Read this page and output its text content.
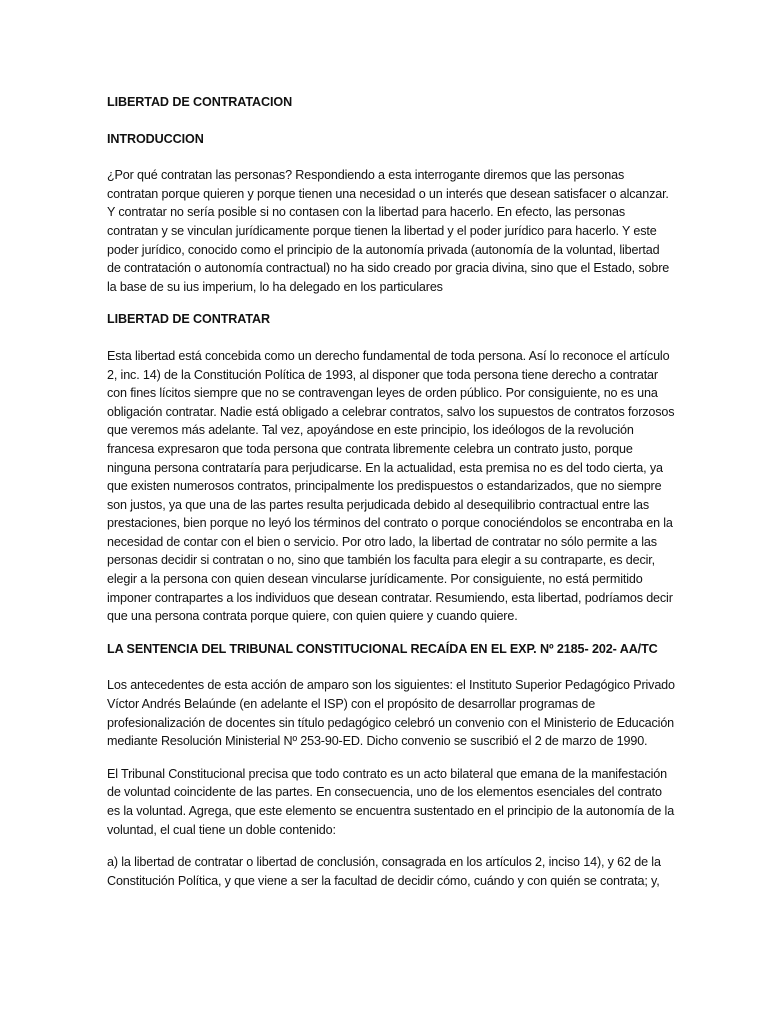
LIBERTAD DE CONTRATACION

INTRODUCCION

¿Por qué contratan las personas? Respondiendo a esta interrogante diremos que las personas contratan porque quieren y porque tienen una necesidad o un interés que desean satisfacer o alcanzar. Y contratar no sería posible si no contasen con la libertad para hacerlo. En efecto, las personas contratan y se vinculan jurídicamente porque tienen la libertad y el poder jurídico para hacerlo. Y este poder jurídico, conocido como el principio de la autonomía privada (autonomía de la voluntad, libertad de contratación o autonomía contractual) no ha sido creado por gracia divina, sino que el Estado, sobre la base de su ius imperium, lo ha delegado en los particulares

LIBERTAD DE CONTRATAR

Esta libertad está concebida como un derecho fundamental de toda persona. Así lo reconoce el artículo 2, inc. 14) de la Constitución Política de 1993, al disponer que toda persona tiene derecho a contratar con fines lícitos siempre que no se contravengan leyes de orden público. Por consiguiente, no es una obligación contratar. Nadie está obligado a celebrar contratos, salvo los supuestos de contratos forzosos que veremos más adelante. Tal vez, apoyándose en este principio, los ideólogos de la revolución francesa expresaron que toda persona que contrata libremente celebra un contrato justo, porque ninguna persona contrataría para perjudicarse. En la actualidad, esta premisa no es del todo cierta, ya que existen numerosos contratos, principalmente los predispuestos o estandarizados, que no siempre son justos, ya que una de las partes resulta perjudicada debido al desequilibrio contractual entre las prestaciones, bien porque no leyó los términos del contrato o porque conociéndolos se encontraba en la necesidad de contar con el bien o servicio. Por otro lado, la libertad de contratar no sólo permite a las personas decidir si contratan o no, sino que también los faculta para elegir a su contraparte, es decir, elegir a la persona con quien desean vincularse jurídicamente. Por consiguiente, no está permitido imponer contrapartes a los individuos que desean contratar. Resumiendo, esta libertad, podríamos decir que una persona contrata porque quiere, con quien quiere y cuando quiere.

LA SENTENCIA DEL TRIBUNAL CONSTITUCIONAL RECAÍDA EN EL EXP. Nº 2185- 202- AA/TC

Los antecedentes de esta acción de amparo son los siguientes: el Instituto Superior Pedagógico Privado Víctor Andrés Belaúnde (en adelante el ISP) con el propósito de desarrollar programas de profesionalización de docentes sin título pedagógico celebró un convenio con el Ministerio de Educación mediante Resolución Ministerial Nº 253-90-ED. Dicho convenio se suscribió el 2 de marzo de 1990.

El Tribunal Constitucional precisa que todo contrato es un acto bilateral que emana de la manifestación de voluntad coincidente de las partes. En consecuencia, uno de los elementos esenciales del contrato es la voluntad. Agrega, que este elemento se encuentra sustentado en el principio de la autonomía de la voluntad, el cual tiene un doble contenido:

a) la libertad de contratar o libertad de conclusión, consagrada en los artículos 2, inciso 14), y 62 de la Constitución Política, y que viene a ser la facultad de decidir cómo, cuándo y con quién se contrata; y,
